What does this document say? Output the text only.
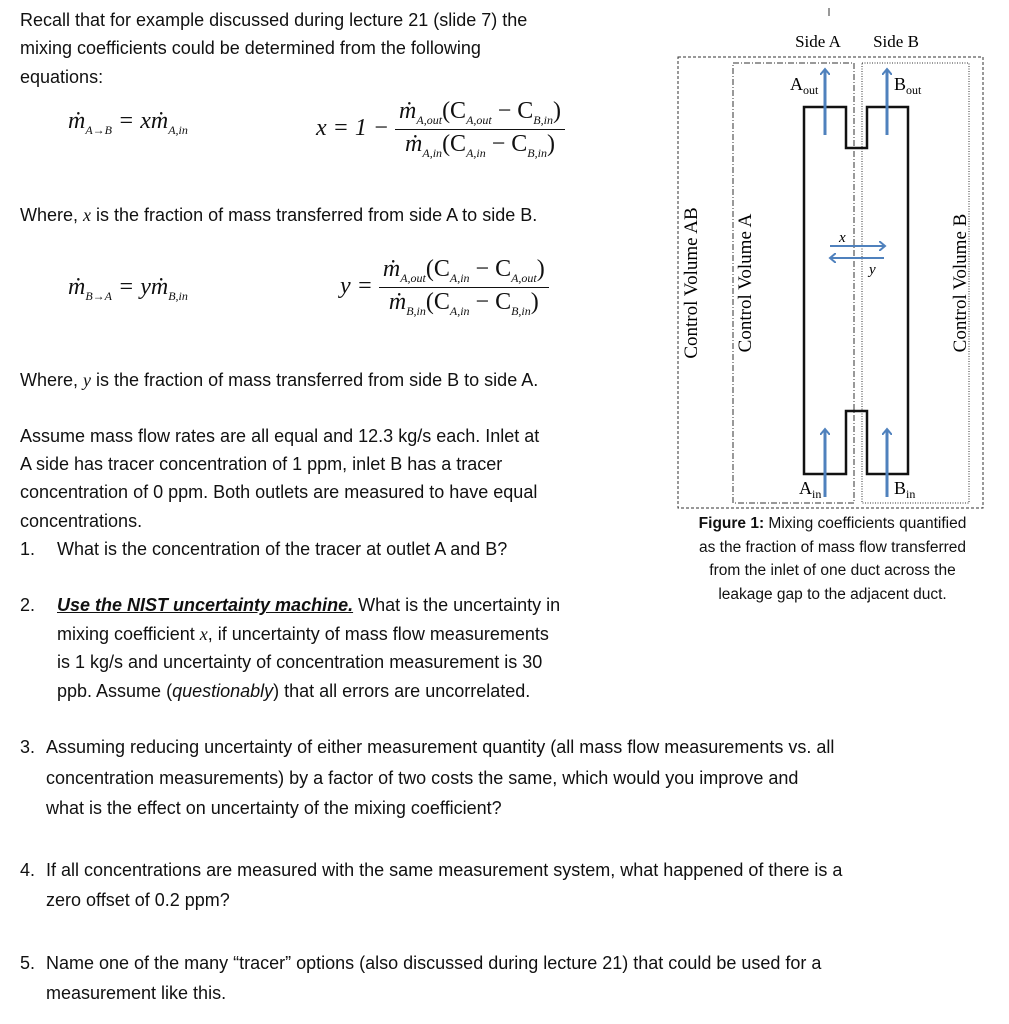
Recall that for example discussed during lecture 21 (slide 7) the
mixing coefficients could be determined from the following
equations:
ṁ$_{A\to B}$ = xṁ$_{A,in}$	$x = 1 - \frac{ṁ_{A,out}(C_{A,out} - C_{B,in})}{ṁ_{A,in}(C_{A,in} - C_{B,in})}$
Where, x is the fraction of mass transferred from side A to side B.
ṁ$_{B\to A}$ = yṁ$_{B,in}$	$y = \frac{ṁ_{A,out}(C_{A,in} - C_{A,out})}{ṁ_{B,in}(C_{A,in} - C_{B,in})}$
Where, y is the fraction of mass transferred from side B to side A.
Assume mass flow rates are all equal and 12.3 kg/s each. Inlet at
A side has tracer concentration of 1 ppm, inlet B has a tracer
concentration of 0 ppm. Both outlets are measured to have equal
concentrations.
1. What is the concentration of the tracer at outlet A and B?
2. Use the NIST uncertainty machine. What is the uncertainty in
mixing coefficient x, if uncertainty of mass flow measurements
is 1 kg/s and uncertainty of concentration measurement is 30
ppb. Assume (questionably) that all errors are uncorrelated.
3. Assuming reducing uncertainty of either measurement quantity (all mass flow measurements vs. all
concentration measurements) by a factor of two costs the same, which would you improve and
what is the effect on uncertainty of the mixing coefficient?
4. If all concentrations are measured with the same measurement system, what happened of there is a
zero offset of 0.2 ppm?
5. Name one of the many “tracer” options (also discussed during lecture 21) that could be used for a
measurement like this.
Side A Side B
x
y
$A_{out}$	$B_{out}$
$A_{in}$	$B_{in}$
Control Volume AB Control Volume A	Control Volume B
Figure 1: Mixing coefficients quantified
as the fraction of mass flow transferred
from the inlet of one duct across the
leakage gap to the adjacent duct.
